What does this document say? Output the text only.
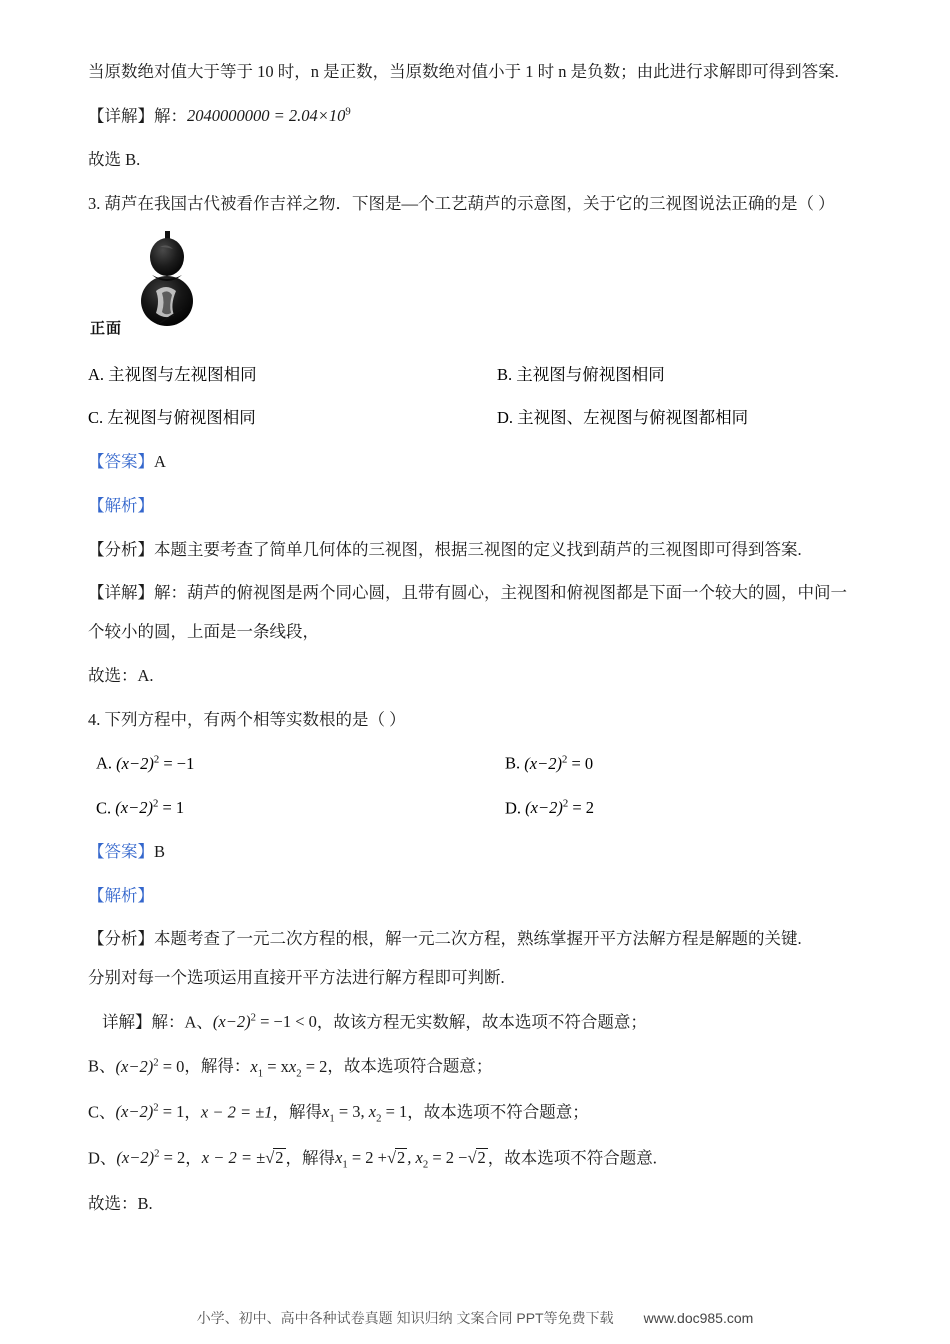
当原数绝对值大于等于 10 时，n 是正数，当原数绝对值小于 1 时 n 是负数；由此进行求解即可得到答案.

【详解】解：$2040000000 = 2.04\times 10^9$

故选 B.

3. 葫芦在我国古代被看作吉祥之物．下图是—个工艺葫芦的示意图，关于它的三视图说法正确的是（ ）

正面
A. 主视图与左视图相同	B. 主视图与俯视图相同
C. 左视图与俯视图相同	D. 主视图、左视图与俯视图都相同

【答案】A

【解析】

【分析】本题主要考查了简单几何体的三视图，根据三视图的定义找到葫芦的三视图即可得到答案.

【详解】解：葫芦的俯视图是两个同心圆，且带有圆心，主视图和俯视图都是下面一个较大的圆，中间一

个较小的圆，上面是一条线段，

故选：A.

4. 下列方程中，有两个相等实数根的是（ ）

A. $(x-2)^2 = -1$	B. $(x-2)^2 = 0$
C. $(x-2)^2 = 1$	D. $(x-2)^2 = 2$

【答案】B

【解析】

【分析】本题考查了一元二次方程的根，解一元二次方程，熟练掌握开平方法解方程是解题的关键.

分别对每一个选项运用直接开平方法进行解方程即可判断.

详解】解：A、$(x-2)^2 = -1 < 0$，故该方程无实数解，故本选项不符合题意；

B、$(x-2)^2 = 0$，解得：$x_1 = xx_2 = 2$，故本选项符合题意；

C、$(x-2)^2 = 1$，x − 2 = ±1，解得$x_1 = 3$, $x_2 = 1$，故本选项不符合题意；

D、$(x-2)^2 = 2$，x − 2 = ±√2 ，解得$x_1 = 2 +√2$ , $x_2 = 2 -√2$ ，故本选项不符合题意.

故选：B.

小学、初中、高中各种试卷真题 知识归纳 文案合同 PPT等免费下载 www.doc985.com
